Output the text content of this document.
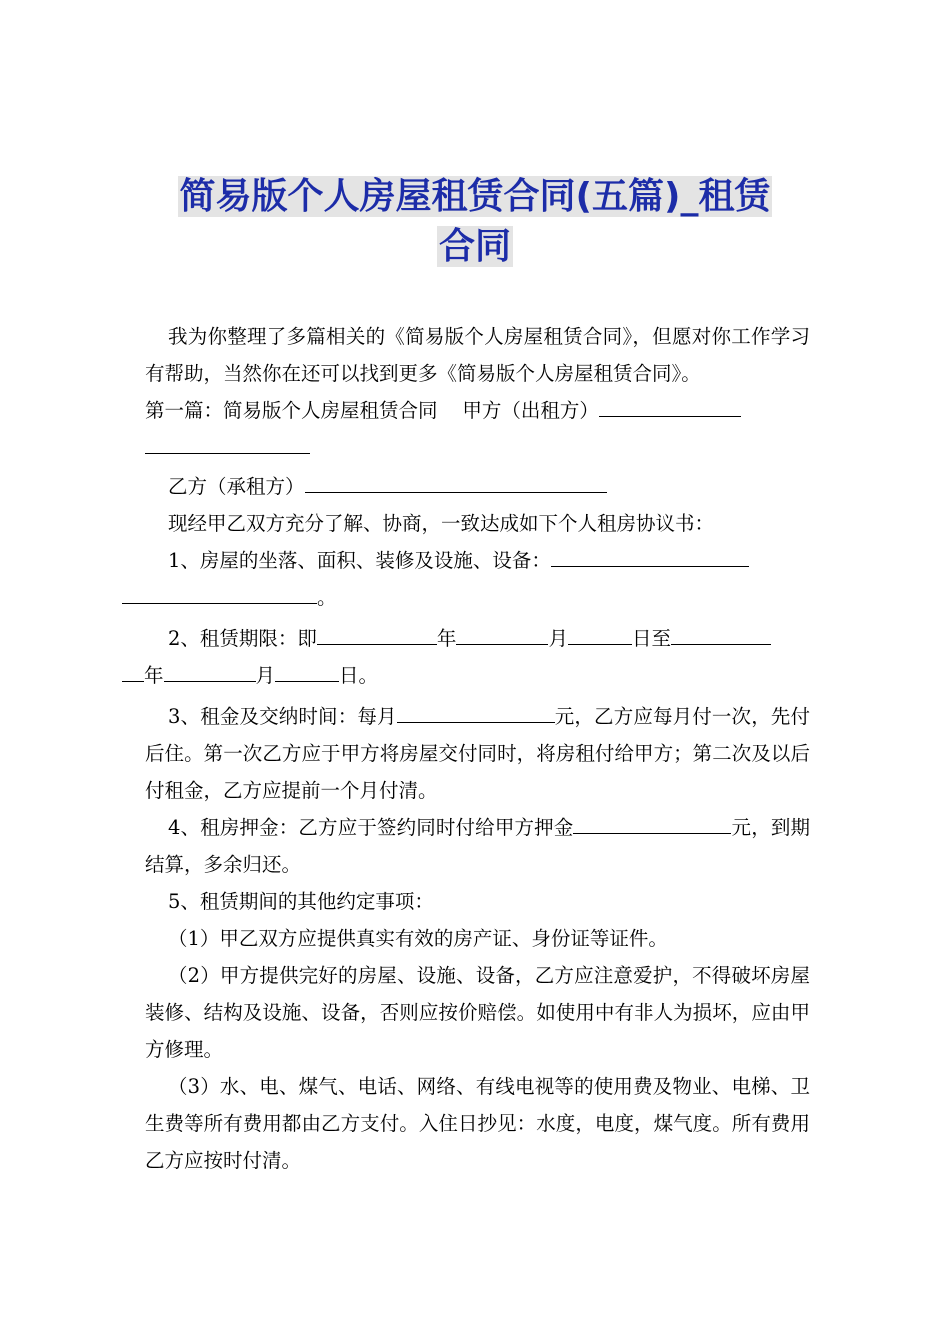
简易版个人房屋租赁合同(五篇)_租赁
合同

我为你整理了多篇相关的《简易版个人房屋租赁合同》，但愿对你工作学习有帮助，当然你在还可以找到更多《简易版个人房屋租赁合同》。

第一篇：简易版个人房屋租赁合同 甲方（出租方）

乙方（承租方）

现经甲乙双方充分了解、协商，一致达成如下个人租房协议书：

1、房屋的坐落、面积、装修及设施、设备：
。

2、租赁期限：即	年	月	日至
年	月	日。

3、租金及交纳时间：每月	元，乙方应每月付一次，先付后住。第一次乙方应于甲方将房屋交付同时，将房租付给甲方；第二次及以后付租金，乙方应提前一个月付清。

4、租房押金：乙方应于签约同时付给甲方押金	元，到期结算，多余归还。

5、租赁期间的其他约定事项：

（1）甲乙双方应提供真实有效的房产证、身份证等证件。

（2）甲方提供完好的房屋、设施、设备，乙方应注意爱护，不得破坏房屋装修、结构及设施、设备，否则应按价赔偿。如使用中有非人为损坏，应由甲方修理。

（3）水、电、煤气、电话、网络、有线电视等的使用费及物业、电梯、卫生费等所有费用都由乙方支付。入住日抄见：水度，电度，煤气度。所有费用乙方应按时付清。
